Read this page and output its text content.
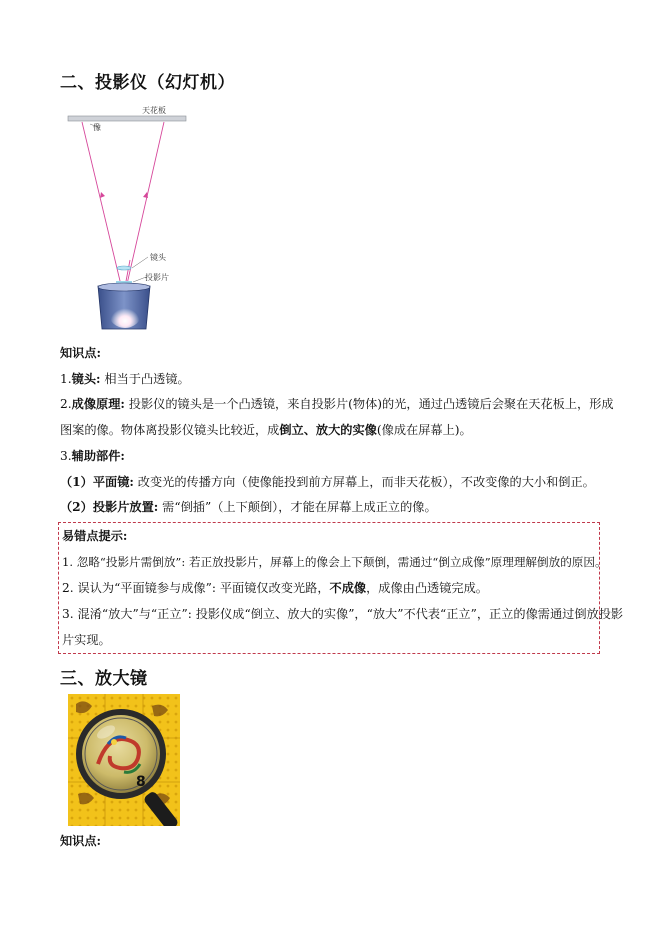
二、投影仪（幻灯机）
天花板
像
镜头
投影片
知识点:
1.镜头: 相当于凸透镜。
2.成像原理: 投影仪的镜头是一个凸透镜，来自投影片(物体)的光，通过凸透镜后会聚在天花板上，形成
图案的像。物体离投影仪镜头比较近，成倒立、放大的实像(像成在屏幕上)。
3.辅助部件:
（1）平面镜: 改变光的传播方向（使像能投到前方屏幕上，而非天花板），不改变像的大小和倒正。
（2）投影片放置: 需“倒插”（上下颠倒），才能在屏幕上成正立的像。
易错点提示:
1. 忽略“投影片需倒放”: 若正放投影片，屏幕上的像会上下颠倒，需通过“倒立成像”原理理解倒放的原因。
2. 误认为“平面镜参与成像”: 平面镜仅改变光路，不成像，成像由凸透镜完成。
3. 混淆“放大”与“正立”: 投影仪成“倒立、放大的实像”，“放大”不代表“正立”，正立的像需通过倒放投影
片实现。
三、放大镜
8
知识点:
